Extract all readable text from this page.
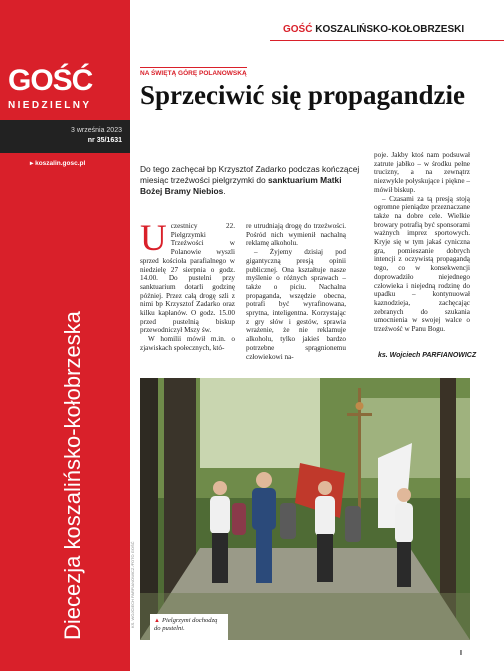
GOŚĆ
NIEDZIELNY
3 września 2023
nr 35/1631
▸ koszalin.gosc.pl
Diecezja koszalińsko-kołobrzeska
GOŚĆ KOSZALIŃSKO-KOŁOBRZESKI
NA ŚWIĘTĄ GÓRĘ POLANOWSKĄ
Sprzeciwić się propagandzie
Do tego zachęcał bp Krzysztof Zadarko podczas kończącej miesiąc trzeźwości pielgrzymki do sanktuarium Matki Bożej Bramy Niebios.
U czestnicy 22. Pielgrzymki Trzeźwości w Polanowie wyszli sprzed kościoła parafialnego w niedzielę 27 sierpnia o godz. 14.00. Do pustelni przy sanktuarium dotarli godzinę później. Przez całą drogę szli z nimi bp Krzysztof Zadarko oraz kilku kapłanów. O godz. 15.00 przed pustelnią biskup przewodniczył Mszy św.

W homilii mówił m.in. o zjawiskach społecznych, któ-

re utrudniają drogę do trzeźwości. Pośród nich wymienił nachalną reklamę alkoholu.

– Żyjemy dzisiaj pod gigantyczną presją opinii publicznej. Ona kształtuje nasze myślenie o różnych sprawach – także o piciu. Nachalna propaganda, wszędzie obecna, potrafi być wyrafinowana, sprytna, inteligentna. Korzystając z gry słów i gestów, sprawia wrażenie, że nie reklamuje alkoholu, tylko jakieś bardzo potrzebne sprągnionemu człowiekowi na-

poje. Jakby ktoś nam podsuwał zatrute jabłko – w środku pełne trucizny, a na zewnątrz niezwykle połyskujące i piękne – mówił biskup.

– Czasami za tą presją stoją ogromne pieniądze przeznaczane także na dobre cele. Wielkie browary potrafią być sponsorami ważnych imprez sportowych. Kryje się w tym jakaś cyniczna gra, pomieszanie dobrych intencji z oczywistą propagandą tego, co w konsekwencji doprowadziło niejednego człowieka i niejedną rodzinę do upadku – kontynuował kaznodzieja, zachęcając zebranych do szukania umocnienia w swojej walce o trzeźwość w Panu Bogu.

ks. Wojciech PARFIANOWICZ
KS. WOJCIECH PARFIANOWICZ /FOTO GOŚĆ	▲ Pielgrzymi dochodzą do pustelni.
I
